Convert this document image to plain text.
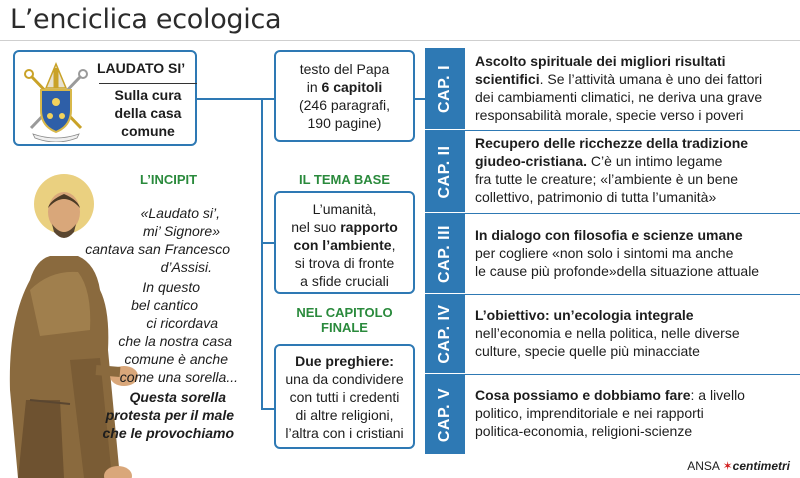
L’enciclica ecologica
LAUDATO SI’
Sulla cura
della casa
comune
L’INCIPIT
«Laudato si’,
mi’ Signore»
cantava san Francesco
d’Assisi.
In questo
bel cantico
ci ricordava
che la nostra casa
comune è anche
come una sorella...
Questa sorella
protesta per il male
che le provochiamo
testo del Papa
in 6 capitoli
(246 paragrafi,
190 pagine)
IL TEMA BASE
L’umanità,
nel suo rapporto
con l’ambiente,
si trova di fronte
a sfide cruciali
NEL CAPITOLO
FINALE
Due preghiere:
una da condividere
con tutti i credenti
di altre religioni,
l’altra con i cristiani
CAP. I
Ascolto spirituale dei migliori risultati
scientifici. Se l’attività umana è uno dei fattori
dei cambiamenti climatici, ne deriva una grave
responsabilità morale, specie verso i poveri
CAP. II
Recupero delle ricchezze della tradizione
giudeo-cristiana. C’è un intimo legame
fra tutte le creature; «l’ambiente è un bene
collettivo, patrimonio di tutta l’umanità»
CAP. III In dialogo con filosofia e scienze umane
per cogliere «non solo i sintomi ma anche
le cause più profonde»della situazione attuale
CAP. IV L’obiettivo: un’ecologia integrale
nell’economia e nella politica, nelle diverse
culture, specie quelle più minacciate
CAP. V Cosa possiamo e dobbiamo fare: a livello
politico, imprenditoriale e nei rapporti
politica-economia, religioni-scienze
ANSA ✶centimetri
